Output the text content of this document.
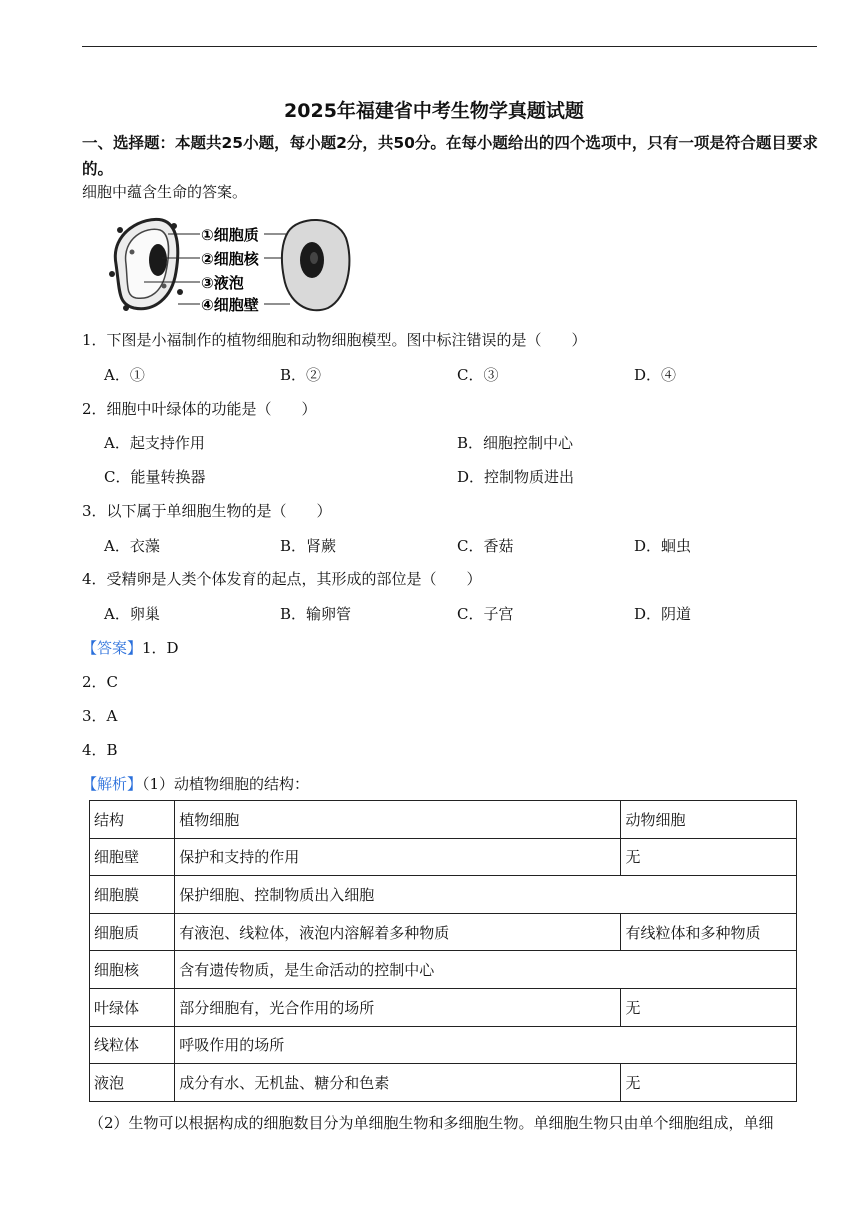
2025年福建省中考生物学真题试题
一、选择题：本题共25小题，每小题2分，共50分。在每小题给出的四个选项中，只有一项是符合题目要求的。
细胞中蕴含生命的答案。
①细胞质
②细胞核
③液泡
④细胞壁
1．下图是小福制作的植物细胞和动物细胞模型。图中标注错误的是（　　）
A．①	B．②	C．③	D．④
2．细胞中叶绿体的功能是（　　）
A．起支持作用	B．细胞控制中心
C．能量转换器	D．控制物质进出
3．以下属于单细胞生物的是（　　）
A．衣藻	B．肾蕨	C．香菇	D．蛔虫
4．受精卵是人类个体发育的起点，其形成的部位是（　　）
A．卵巢	B．输卵管	C．子宫	D．阴道
【答案】1．D
2．C
3．A
4．B
【解析】（1）动植物细胞的结构：
结构	植物细胞	动物细胞
细胞壁	保护和支持的作用	无
细胞膜	保护细胞、控制物质出入细胞	
细胞质	有液泡、线粒体，液泡内溶解着多种物质	有线粒体和多种物质
细胞核	含有遗传物质，是生命活动的控制中心	
叶绿体	部分细胞有，光合作用的场所	无
线粒体	呼吸作用的场所	
液泡	成分有水、无机盐、糖分和色素	无
（2）生物可以根据构成的细胞数目分为单细胞生物和多细胞生物。单细胞生物只由单个细胞组成，单细
